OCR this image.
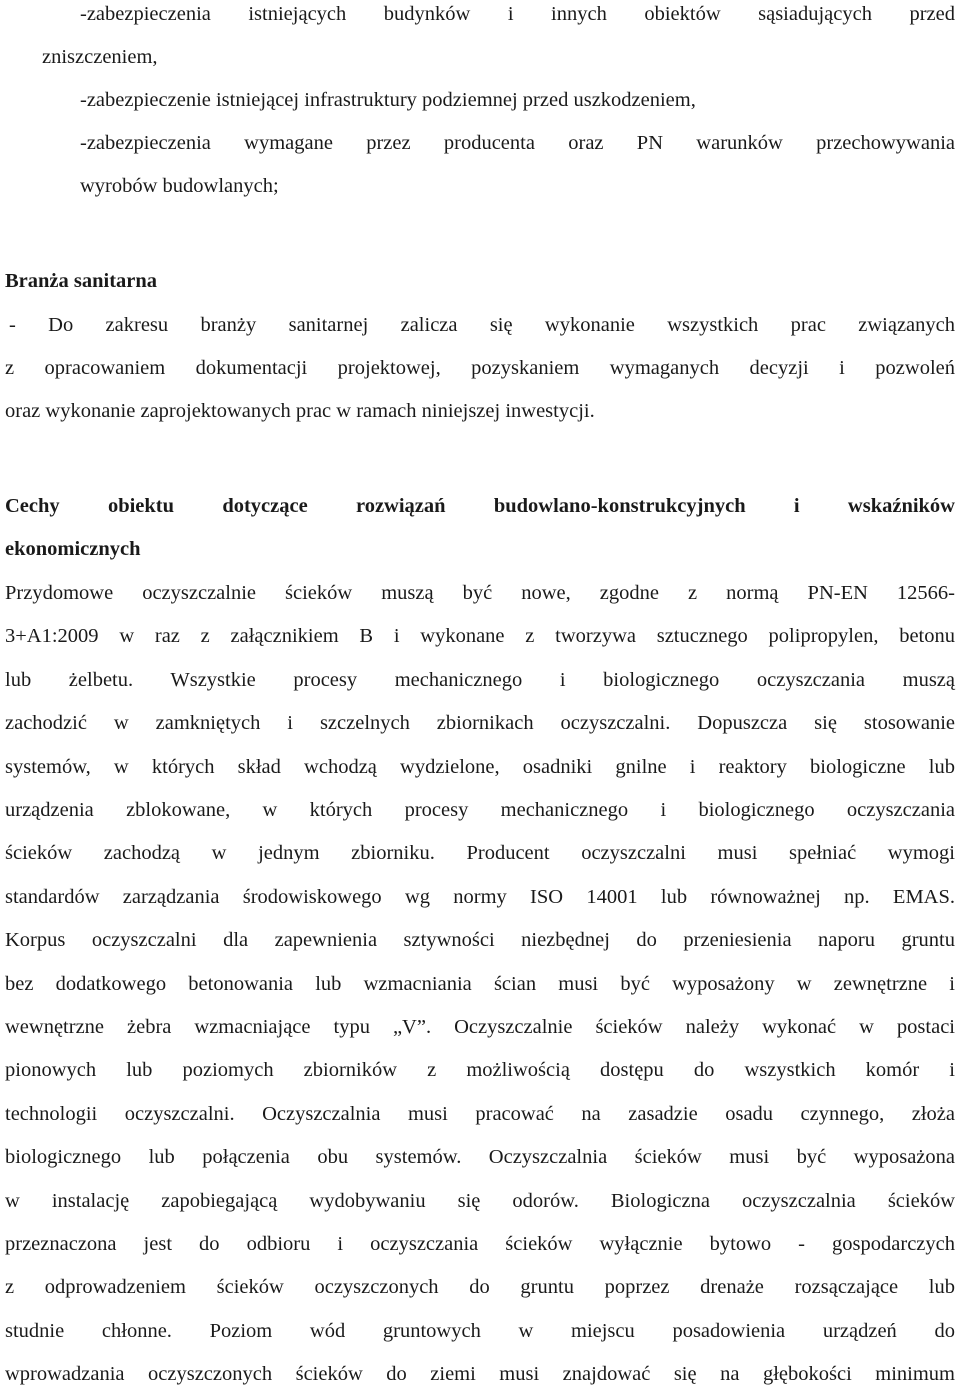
-zabezpieczenia istniejących budynków i innych obiektów sąsiadujących przed
zniszczeniem,
-zabezpieczenie istniejącej infrastruktury podziemnej przed uszkodzeniem,
-zabezpieczenia wymagane przez producenta oraz PN warunków przechowywania
wyrobów budowlanych;
Branża sanitarna
- Do zakresu branży sanitarnej zalicza się wykonanie wszystkich prac związanych
z opracowaniem dokumentacji projektowej, pozyskaniem wymaganych decyzji i pozwoleń
oraz wykonanie zaprojektowanych prac w ramach niniejszej inwestycji.
Cechy obiektu dotyczące rozwiązań budowlano-konstrukcyjnych i wskaźników
ekonomicznych
Przydomowe oczyszczalnie ścieków muszą być nowe, zgodne z normą PN-EN 12566-
3+A1:2009 w raz z załącznikiem B i wykonane z tworzywa sztucznego polipropylen, betonu
lub żelbetu. Wszystkie procesy mechanicznego i biologicznego oczyszczania muszą
zachodzić w zamkniętych i szczelnych zbiornikach oczyszczalni. Dopuszcza się stosowanie
systemów, w których skład wchodzą wydzielone, osadniki gnilne i reaktory biologiczne lub
urządzenia zblokowane, w których procesy mechanicznego i biologicznego oczyszczania
ścieków zachodzą w jednym zbiorniku. Producent oczyszczalni musi spełniać wymogi
standardów zarządzania środowiskowego wg normy ISO 14001 lub równoważnej np. EMAS.
Korpus oczyszczalni dla zapewnienia sztywności niezbędnej do przeniesienia naporu gruntu
bez dodatkowego betonowania lub wzmacniania ścian musi być wyposażony w zewnętrzne i
wewnętrzne żebra wzmacniające typu „V”. Oczyszczalnie ścieków należy wykonać w postaci
pionowych lub poziomych zbiorników z możliwością dostępu do wszystkich komór i
technologii oczyszczalni. Oczyszczalnia musi pracować na zasadzie osadu czynnego, złoża
biologicznego lub połączenia obu systemów. Oczyszczalnia ścieków musi być wyposażona
w instalację zapobiegającą wydobywaniu się odorów. Biologiczna oczyszczalnia ścieków
przeznaczona jest do odbioru i oczyszczania ścieków wyłącznie bytowo - gospodarczych
z odprowadzeniem ścieków oczyszczonych do gruntu poprzez drenaże rozsączające lub
studnie chłonne. Poziom wód gruntowych w miejscu posadowienia urządzeń do
wprowadzania oczyszczonych ścieków do ziemi musi znajdować się na głębokości minimum
